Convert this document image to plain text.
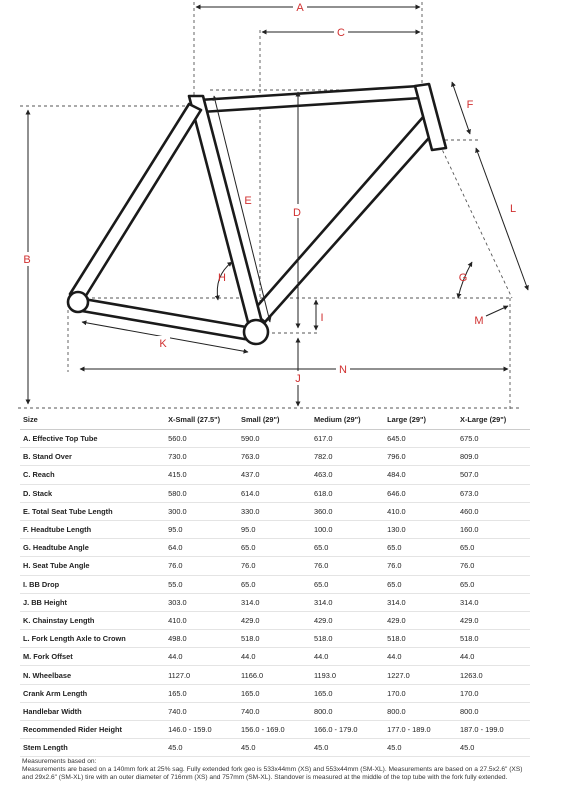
A
C
B
D
E
F
L
G
H
I
K
J
M
N
Size	X-Small (27.5")	Small (29")	Medium (29")	Large (29")	X-Large (29")
A. Effective Top Tube	560.0	590.0	617.0	645.0	675.0
B. Stand Over	730.0	763.0	782.0	796.0	809.0
C. Reach	415.0	437.0	463.0	484.0	507.0
D. Stack	580.0	614.0	618.0	646.0	673.0
E. Total Seat Tube Length	300.0	330.0	360.0	410.0	460.0
F. Headtube Length	95.0	95.0	100.0	130.0	160.0
G. Headtube Angle	64.0	65.0	65.0	65.0	65.0
H. Seat Tube Angle	76.0	76.0	76.0	76.0	76.0
I. BB Drop	55.0	65.0	65.0	65.0	65.0
J. BB Height	303.0	314.0	314.0	314.0	314.0
K. Chainstay Length	410.0	429.0	429.0	429.0	429.0
L. Fork Length Axle to Crown	498.0	518.0	518.0	518.0	518.0
M. Fork Offset	44.0	44.0	44.0	44.0	44.0
N. Wheelbase	1127.0	1166.0	1193.0	1227.0	1263.0
Crank Arm Length	165.0	165.0	165.0	170.0	170.0
Handlebar Width	740.0	740.0	800.0	800.0	800.0
Recommended Rider Height	146.0 - 159.0	156.0 - 169.0	166.0 - 179.0	177.0 - 189.0	187.0 - 199.0
Stem Length	45.0	45.0	45.0	45.0	45.0
Measurements based on:
Measurements are based on a 140mm fork at 25% sag. Fully extended fork geo is 533x44mm (XS) and 553x44mm (SM-XL). Measurements are based on a 27.5x2.6" (XS) and 29x2.6" (SM-XL) tire with an outer diameter of 716mm (XS) and 757mm (SM-XL). Standover is measured at the middle of the top tube with the fork fully extended.
